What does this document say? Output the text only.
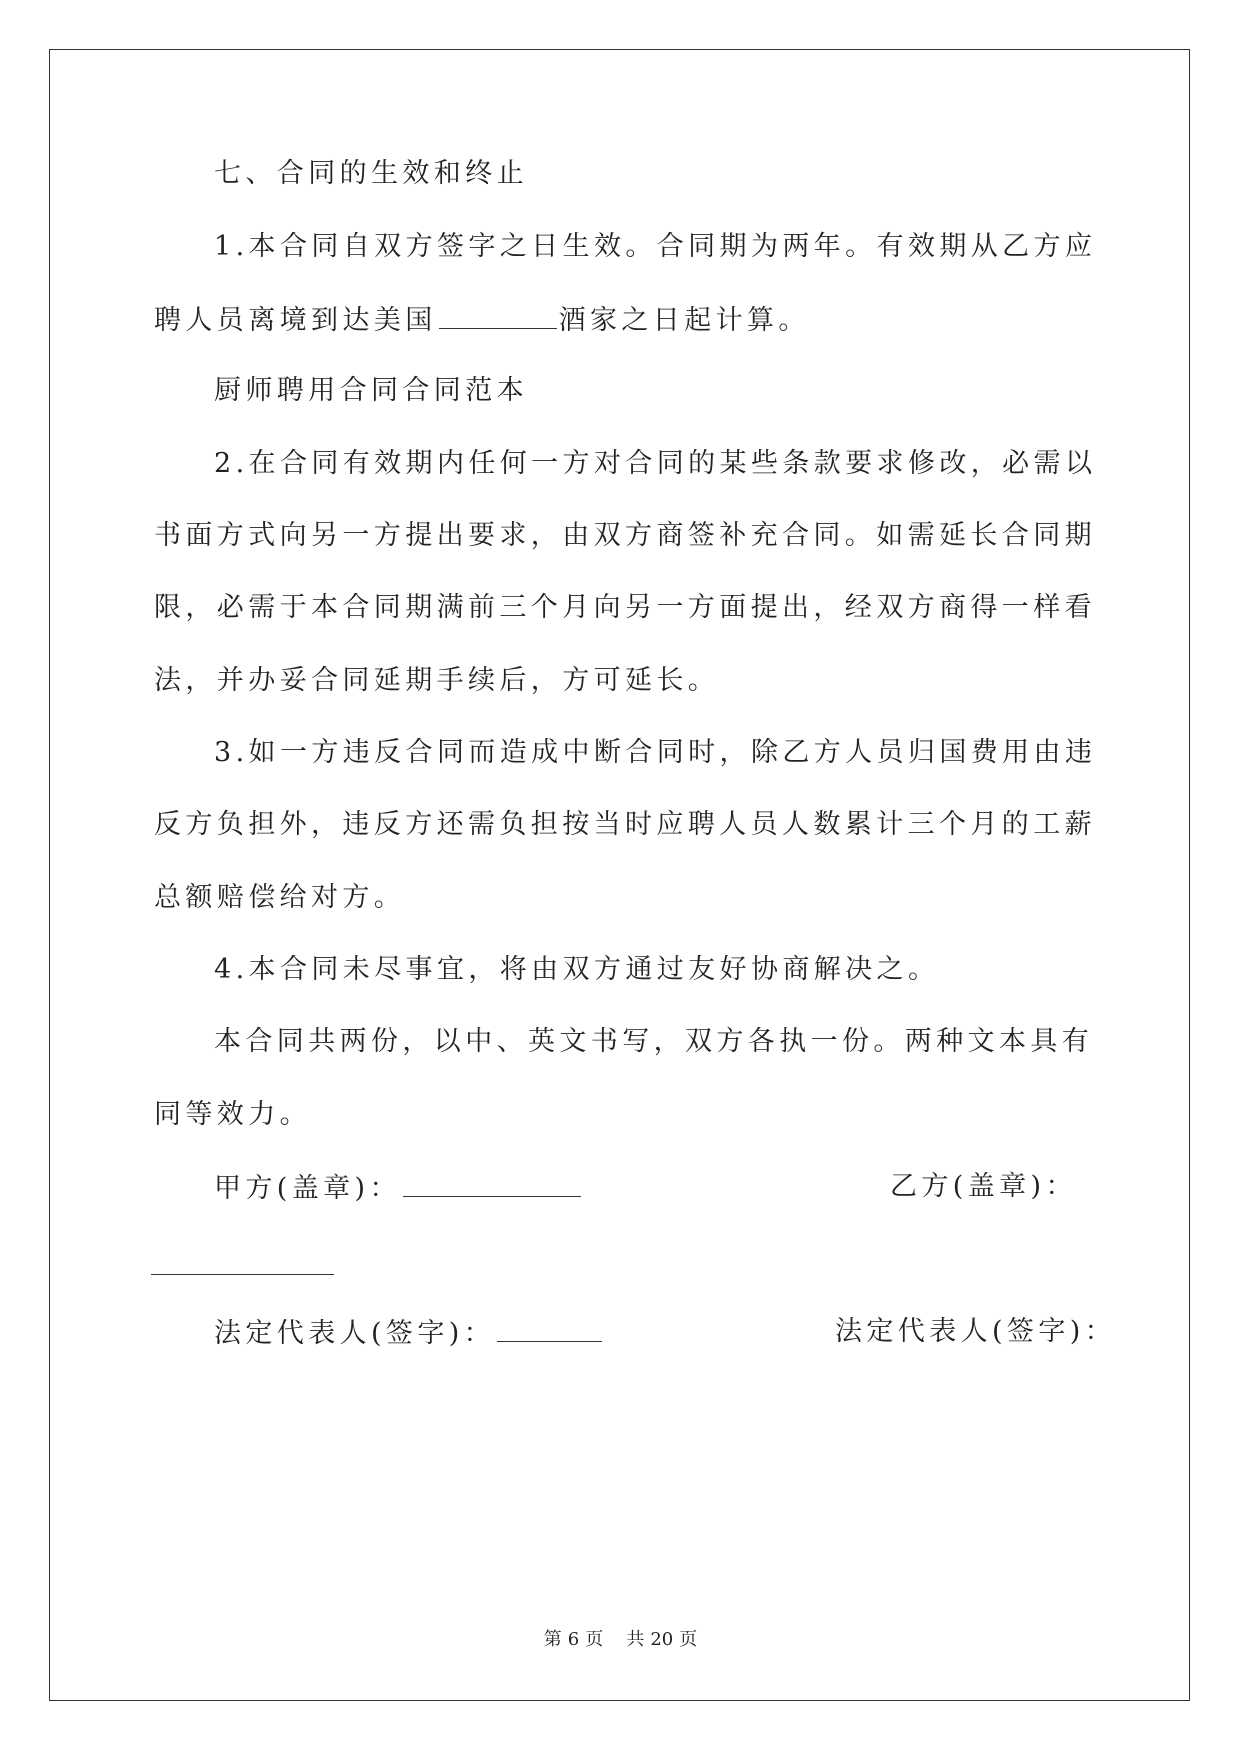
七、合同的生效和终止
1.本合同自双方签字之日生效。合同期为两年。有效期从乙方应
聘人员离境到达美国	酒家之日起计算。
厨师聘用合同合同范本
2.在合同有效期内任何一方对合同的某些条款要求修改，必需以
书面方式向另一方提出要求，由双方商签补充合同。如需延长合同期
限，必需于本合同期满前三个月向另一方面提出，经双方商得一样看
法，并办妥合同延期手续后，方可延长。
3.如一方违反合同而造成中断合同时，除乙方人员归国费用由违
反方负担外，违反方还需负担按当时应聘人员人数累计三个月的工薪
总额赔偿给对方。
4.本合同未尽事宜，将由双方通过友好协商解决之。
本合同共两份，以中、英文书写，双方各执一份。两种文本具有
同等效力。
甲方(盖章)：	乙方(盖章)：
法定代表人(签字)：	法定代表人(签字)：
第 6 页 共 20 页
